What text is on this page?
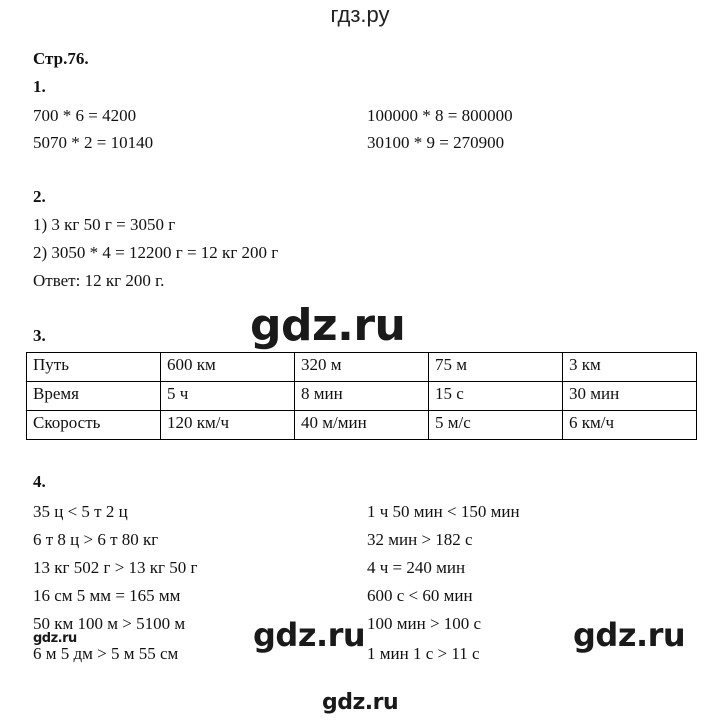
гдз.ру
Стр.76.
1.
700 * 6 = 4200
5070 * 2 = 10140
100000 * 8 = 800000
30100 * 9 = 270900
2.
1) 3 кг 50 г = 3050 г
2) 3050 * 4 = 12200 г = 12 кг 200 г
Ответ: 12 кг 200 г.
3.
Путь	600 км	320 м	75 м	3 км
Время	5 ч	8 мин	15 с	30 мин
Скорость	120 км/ч	40 м/мин	5 м/с	6 км/ч
4.
35 ц < 5 т 2 ц
6 т 8 ц > 6 т 80 кг
13 кг 502 г > 13 кг 50 г
16 см 5 мм = 165 мм
50 км 100 м > 5100 м
6 м 5 дм > 5 м 55 см
1 ч 50 мин < 150 мин
32 мин > 182 с
4 ч = 240 мин
600 с < 60 мин
100 мин > 100 с
1 мин 1 с > 11 с
gdz.ru
gdz.ru	gdz.ru	gdz.ru
gdz.ru
